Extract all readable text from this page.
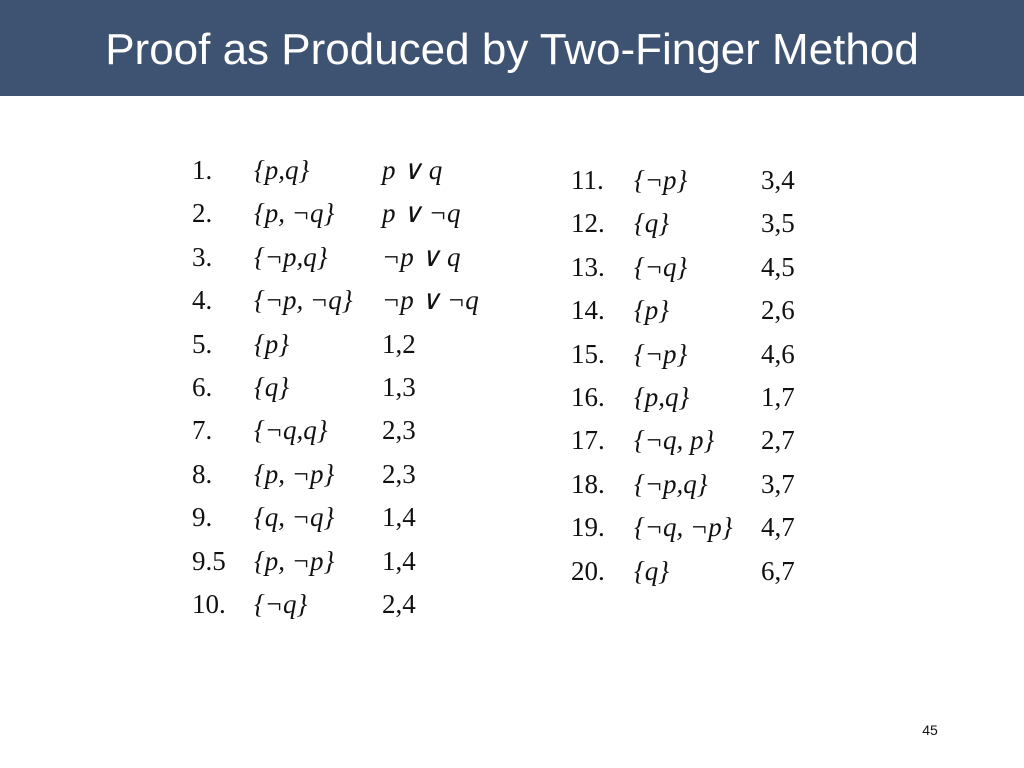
Proof as Produced by Two-Finger Method
1. {p,q}	p ∨ q
2. {p, ¬q} p ∨ ¬q
3. {¬p,q} ¬p ∨ q
4. {¬p, ¬q} ¬p ∨ ¬q
5. {p}	1,2
6. {q}	1,3
7. {¬q,q} 2,3
8. {p, ¬p} 2,3
9. {q, ¬q} 1,4
9.5 {p, ¬p} 1,4
10. {¬q}	2,4
11. {¬p}	3,4
12. {q}	3,5
13. {¬q}	4,5
14. {p}	2,6
15. {¬p}	4,6
16. {p,q}	1,7
17. {¬q, p} 2,7
18. {¬p,q} 3,7
19. {¬q, ¬p} 4,7
20. {q}	6,7
45
